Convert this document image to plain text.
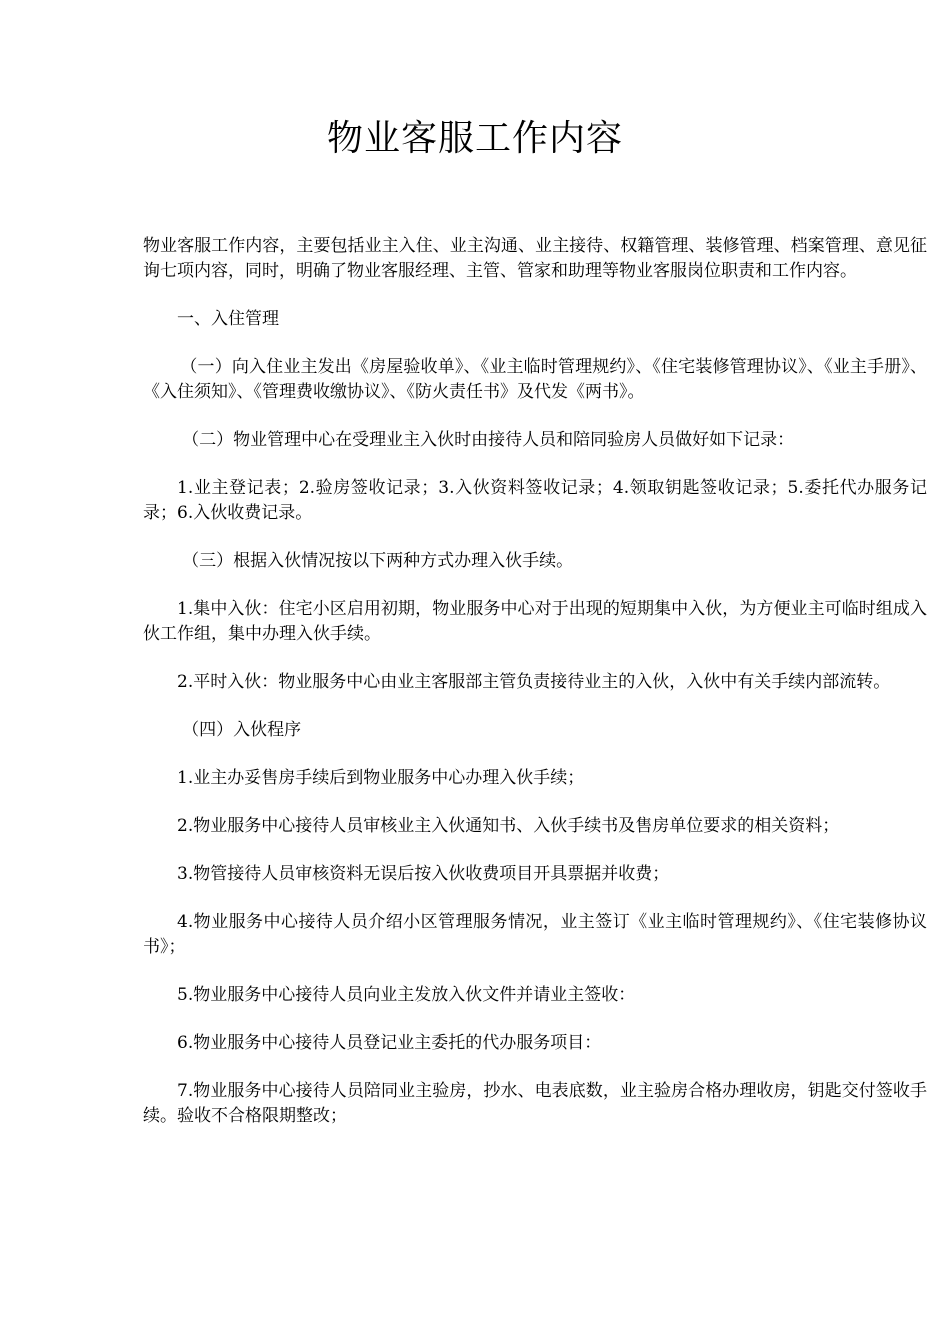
物业客服工作内容

物业客服工作内容，主要包括业主入住、业主沟通、业主接待、权籍管理、装修管理、档案管理、意见征询七项内容，同时，明确了物业客服经理、主管、管家和助理等物业客服岗位职责和工作内容。

一、入住管理

（一）向入住业主发出《房屋验收单》、《业主临时管理规约》、《住宅装修管理协议》、《业主手册》、《入住须知》、《管理费收缴协议》、《防火责任书》及代发《两书》。

（二）物业管理中心在受理业主入伙时由接待人员和陪同验房人员做好如下记录：

1.业主登记表；2.验房签收记录；3.入伙资料签收记录；4.领取钥匙签收记录；5.委托代办服务记录；6.入伙收费记录。

（三）根据入伙情况按以下两种方式办理入伙手续。

1.集中入伙：住宅小区启用初期，物业服务中心对于出现的短期集中入伙，为方便业主可临时组成入伙工作组，集中办理入伙手续。

2.平时入伙：物业服务中心由业主客服部主管负责接待业主的入伙，入伙中有关手续内部流转。

（四）入伙程序

1.业主办妥售房手续后到物业服务中心办理入伙手续；

2.物业服务中心接待人员审核业主入伙通知书、入伙手续书及售房单位要求的相关资料；

3.物管接待人员审核资料无误后按入伙收费项目开具票据并收费；

4.物业服务中心接待人员介绍小区管理服务情况，业主签订《业主临时管理规约》、《住宅装修协议书》；

5.物业服务中心接待人员向业主发放入伙文件并请业主签收：

6.物业服务中心接待人员登记业主委托的代办服务项目：

7.物业服务中心接待人员陪同业主验房，抄水、电表底数，业主验房合格办理收房，钥匙交付签收手续。验收不合格限期整改；
